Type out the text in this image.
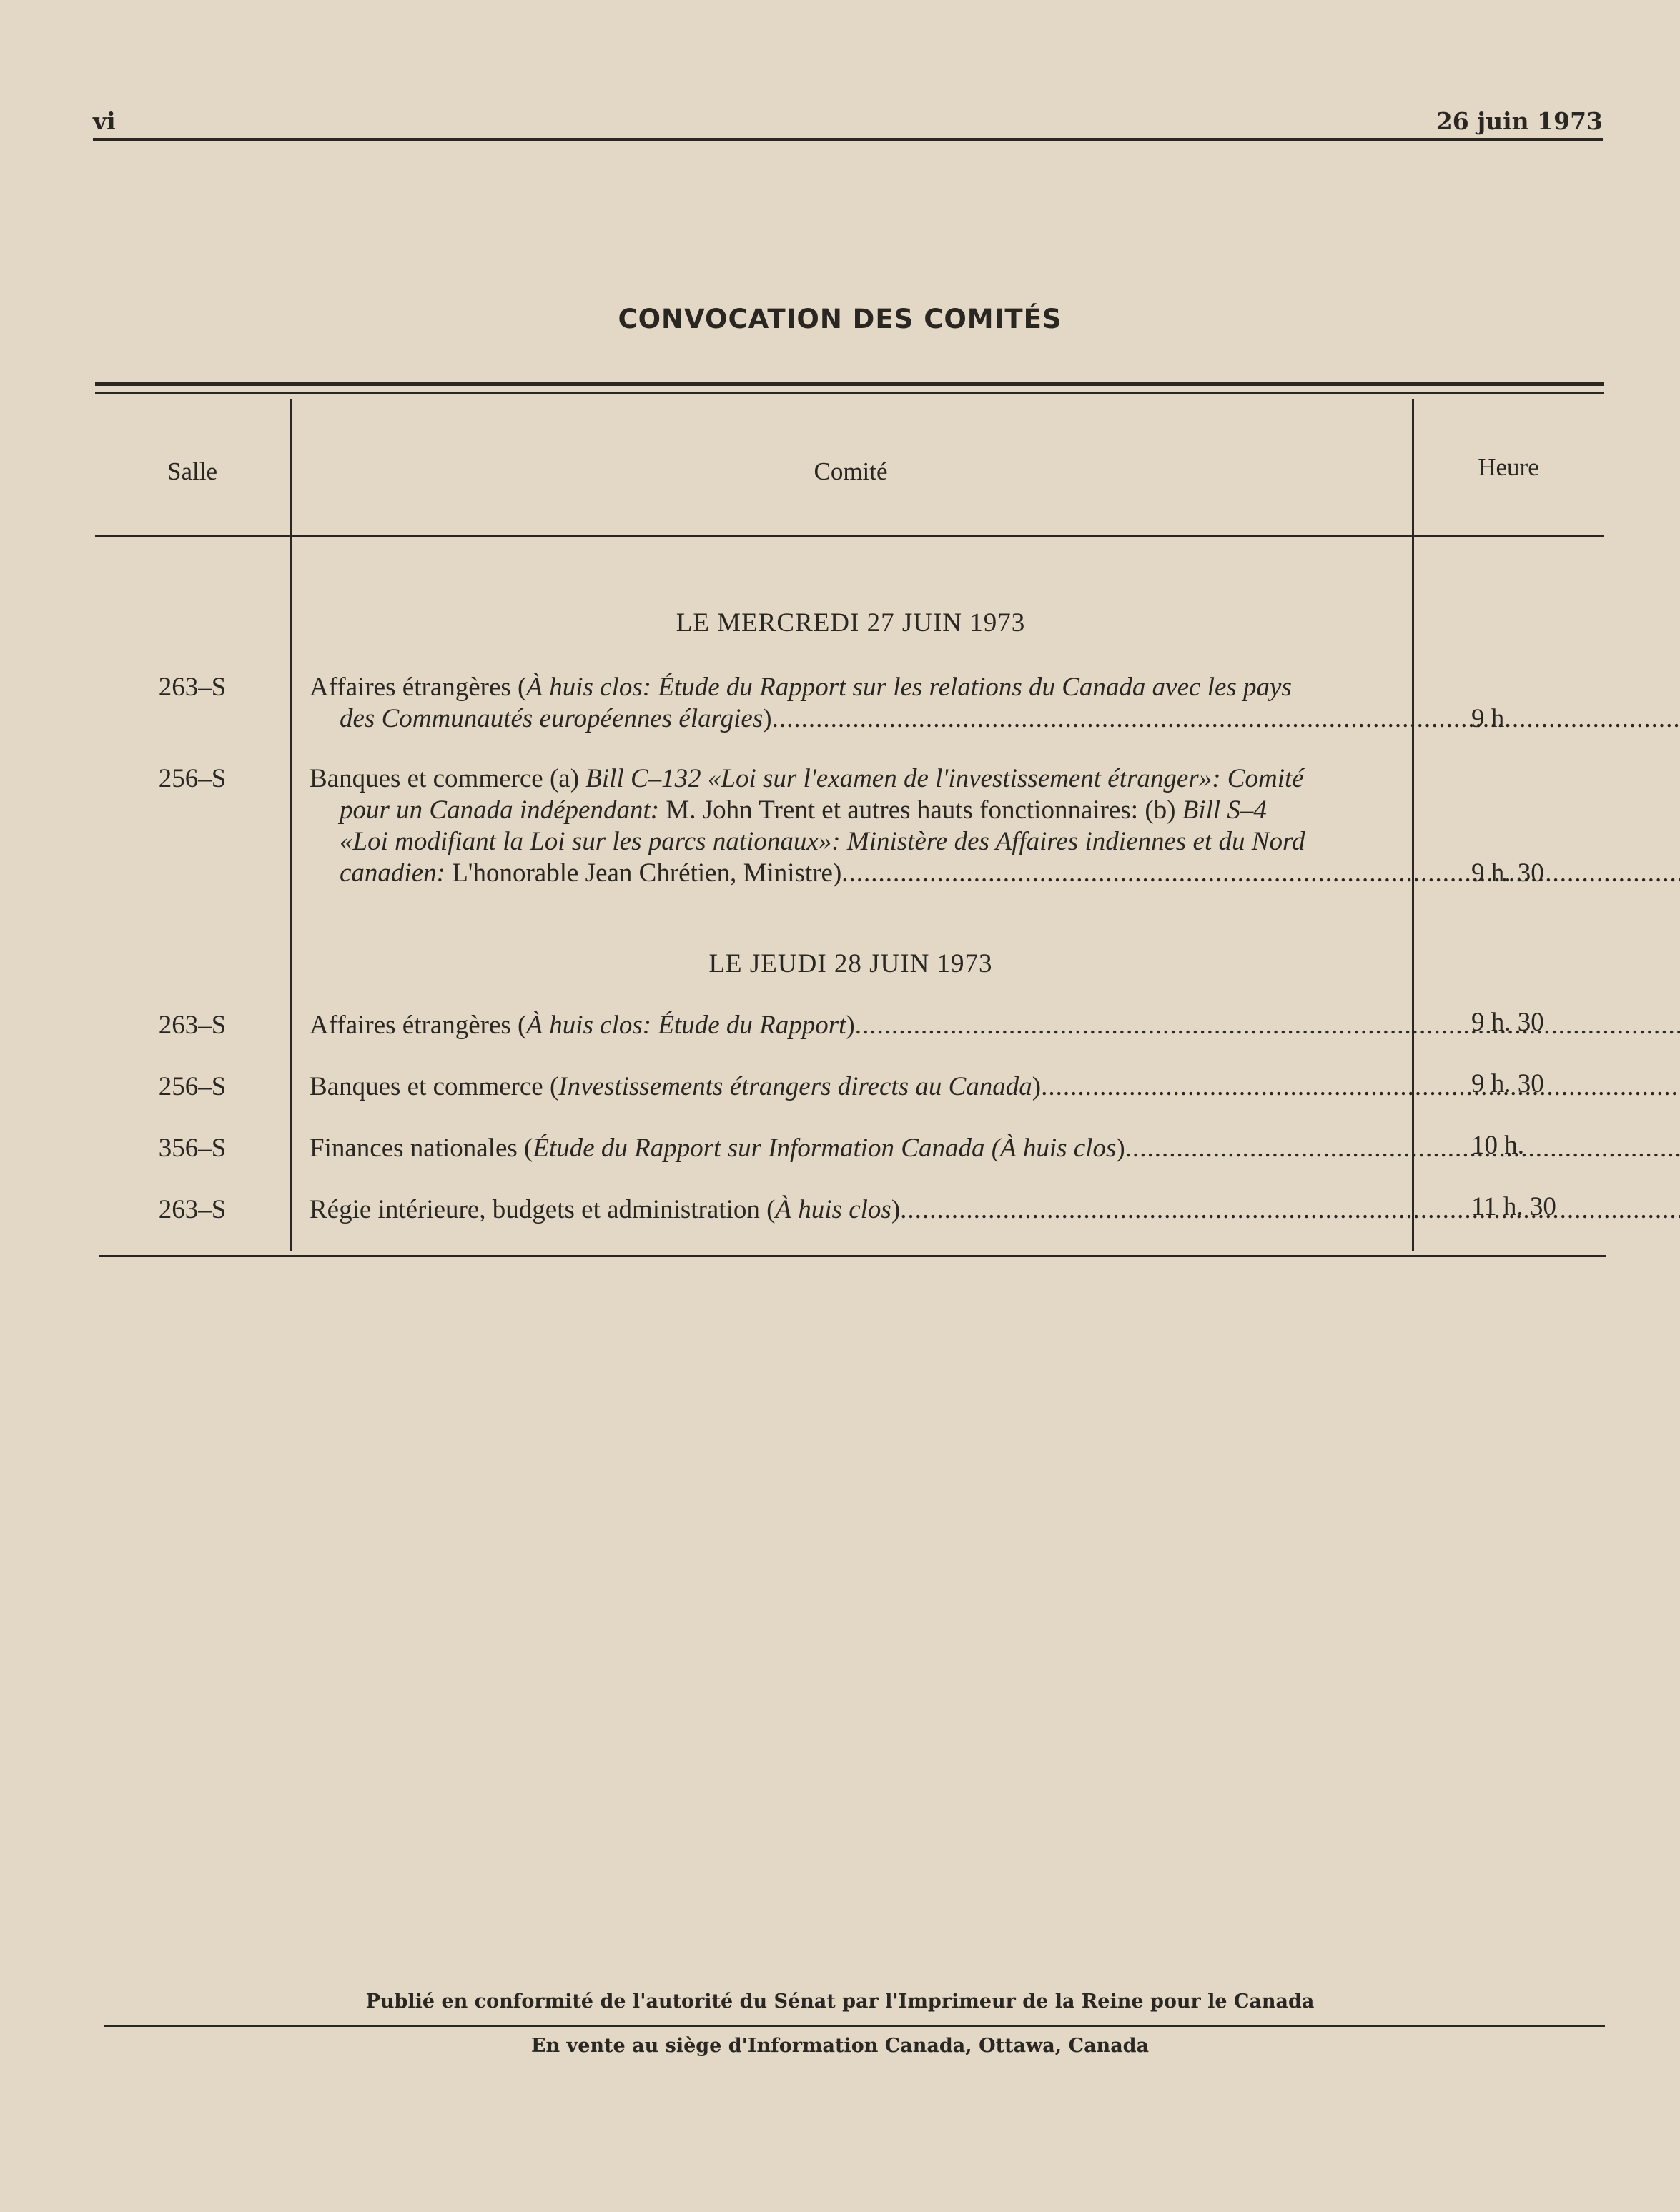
vi	26 juin 1973
CONVOCATION DES COMITÉS
Salle	Comité	Heure
LE MERCREDI 27 JUIN 1973
263–S	Affaires étrangères (À huis clos: Étude du Rapport sur les relations du Canada avec les pays
des Communautés européennes élargies) .....	9 h.
256–S	Banques et commerce (a) Bill C–132 «Loi sur l'examen de l'investissement étranger»: Comité
pour un Canada indépendant: M. John Trent et autres hauts fonctionnaires: (b) Bill S–4
«Loi modifiant la Loi sur les parcs nationaux»: Ministère des Affaires indiennes et du Nord
canadien: L'honorable Jean Chrétien, Ministre) .....	9 h. 30
LE JEUDI 28 JUIN 1973
263–S	Affaires étrangères (À huis clos: Étude du Rapport) .....	9 h. 30
256–S	Banques et commerce (Investissements étrangers directs au Canada) .....	9 h. 30
356–S	Finances nationales (Étude du Rapport sur Information Canada (À huis clos) .....	10 h.
263–S	Régie intérieure, budgets et administration (À huis clos) .....	11 h. 30
Publié en conformité de l'autorité du Sénat par l'Imprimeur de la Reine pour le Canada
En vente au siège d'Information Canada, Ottawa, Canada
